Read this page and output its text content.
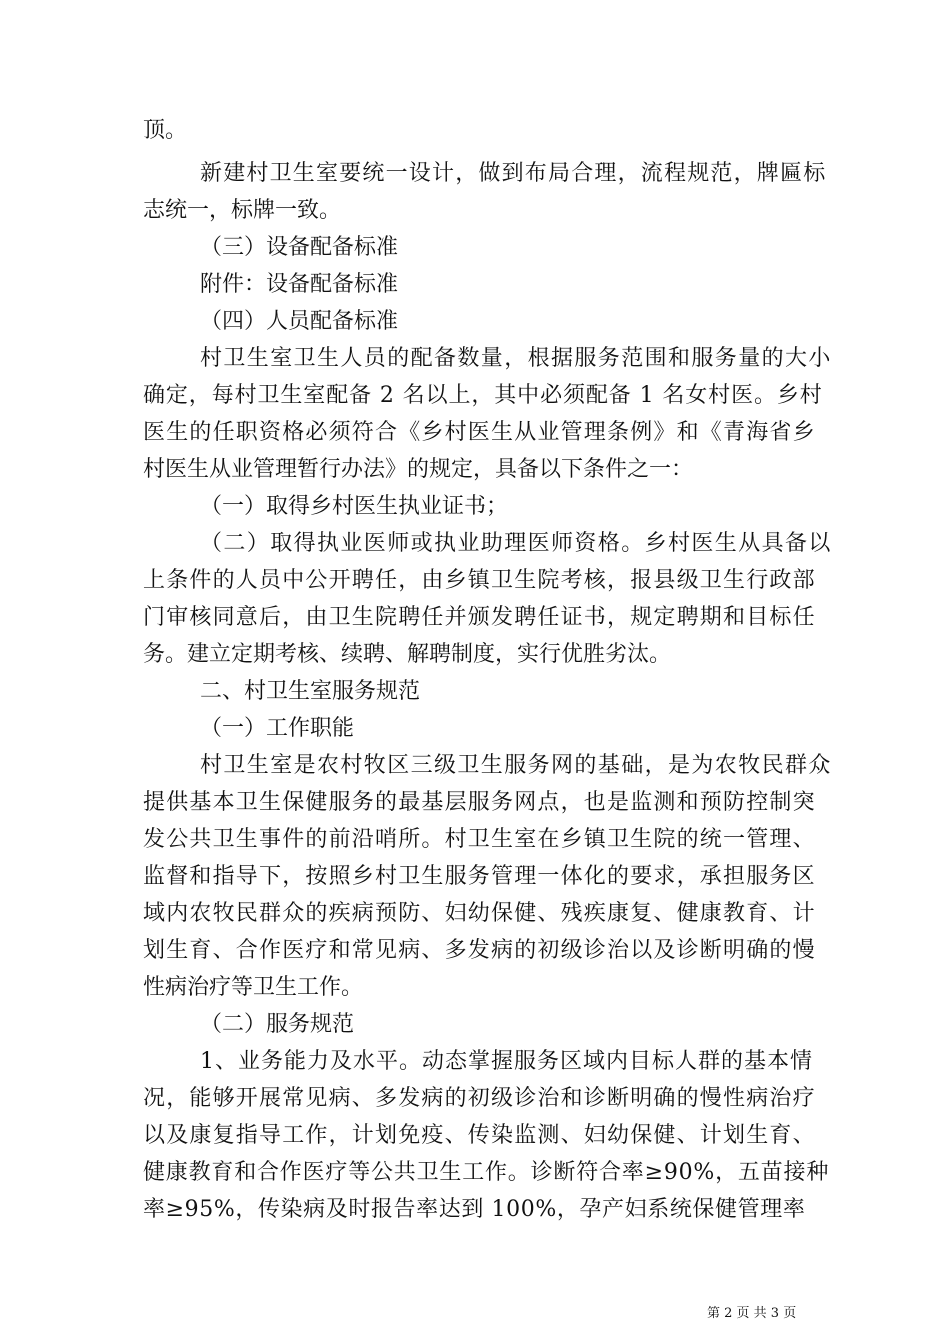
顶。
新建村卫生室要统一设计，做到布局合理，流程规范，牌匾标
志统一，标牌一致。
（三）设备配备标准
附件：设备配备标准
（四）人员配备标准
村卫生室卫生人员的配备数量，根据服务范围和服务量的大小
确定，每村卫生室配备 2 名以上，其中必须配备 1 名女村医。乡村
医生的任职资格必须符合《乡村医生从业管理条例》和《青海省乡
村医生从业管理暂行办法》的规定，具备以下条件之一：
（一）取得乡村医生执业证书；
（二）取得执业医师或执业助理医师资格。乡村医生从具备以
上条件的人员中公开聘任，由乡镇卫生院考核，报县级卫生行政部
门审核同意后，由卫生院聘任并颁发聘任证书，规定聘期和目标任
务。建立定期考核、续聘、解聘制度，实行优胜劣汰。
二、村卫生室服务规范
（一）工作职能
村卫生室是农村牧区三级卫生服务网的基础，是为农牧民群众
提供基本卫生保健服务的最基层服务网点，也是监测和预防控制突
发公共卫生事件的前沿哨所。村卫生室在乡镇卫生院的统一管理、
监督和指导下，按照乡村卫生服务管理一体化的要求，承担服务区
域内农牧民群众的疾病预防、妇幼保健、残疾康复、健康教育、计
划生育、合作医疗和常见病、多发病的初级诊治以及诊断明确的慢
性病治疗等卫生工作。
（二）服务规范
1、业务能力及水平。动态掌握服务区域内目标人群的基本情
况，能够开展常见病、多发病的初级诊治和诊断明确的慢性病治疗
以及康复指导工作，计划免疫、传染监测、妇幼保健、计划生育、
健康教育和合作医疗等公共卫生工作。诊断符合率≥90%，五苗接种
率≥95%，传染病及时报告率达到 100%，孕产妇系统保健管理率
第 2 页 共 3 页
